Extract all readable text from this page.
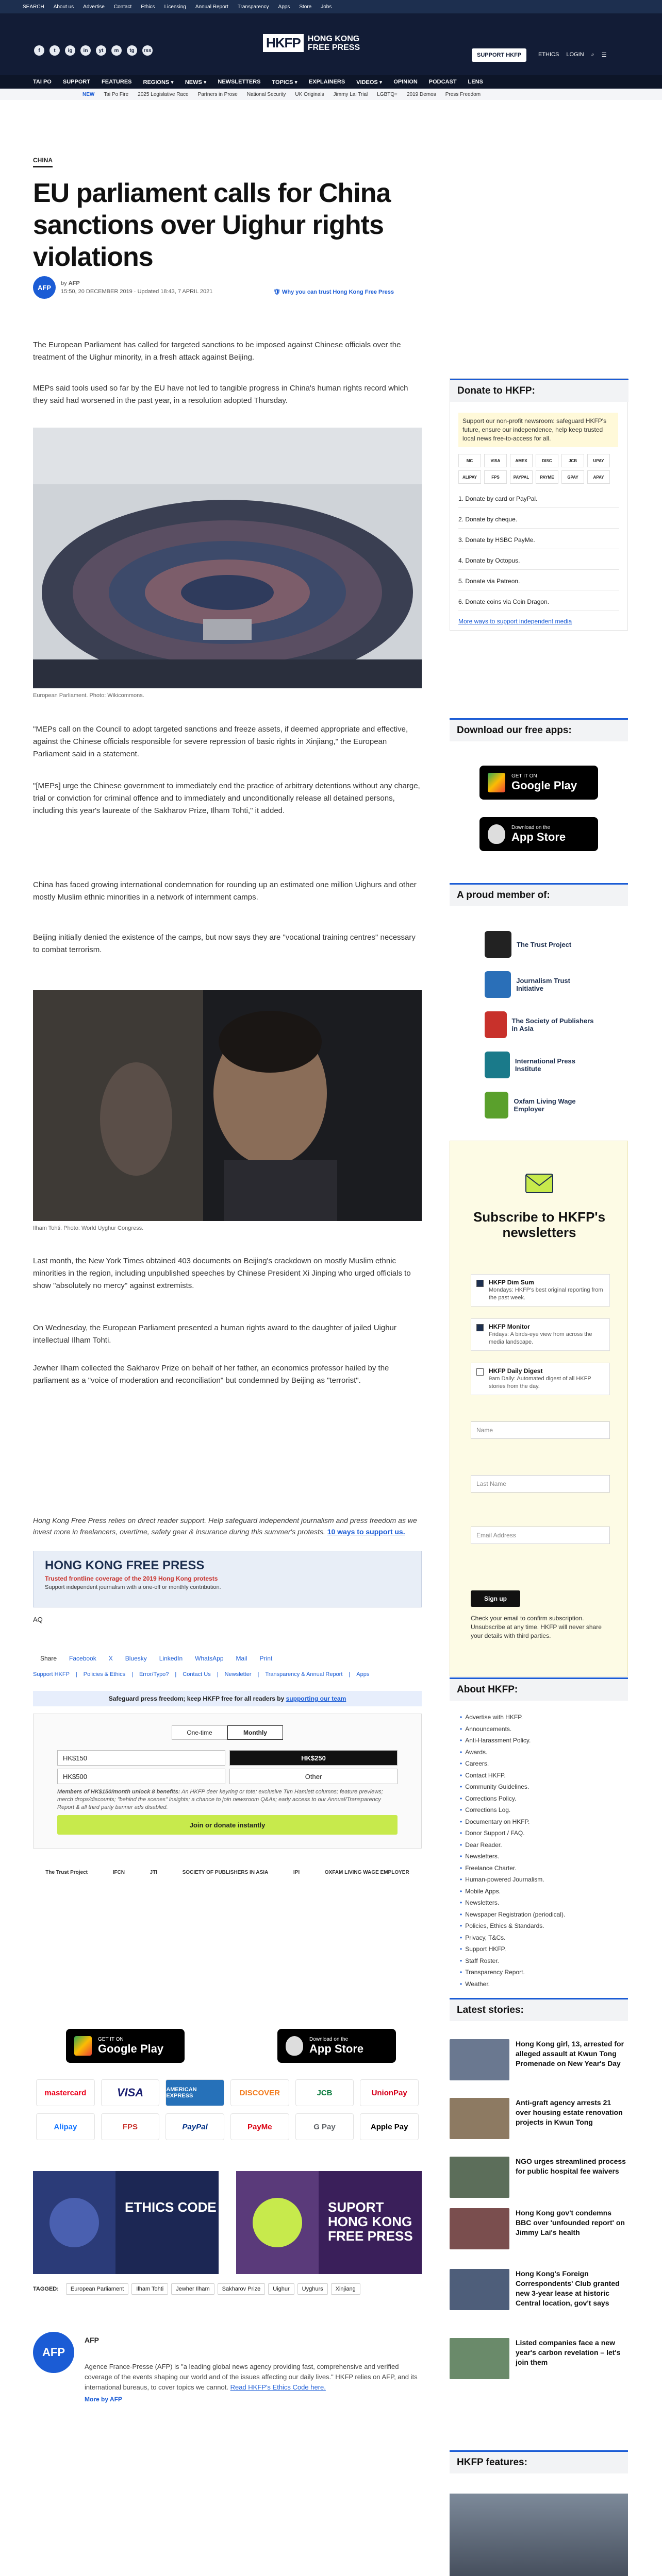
SEARCH About us Advertise Contact Ethics Licensing Annual Report Transparency Apps Store Jobs
f	t	ig	in	yt	m	tg	rss	HKFP HONG KONG FREE PRESS
SUPPORT HKFP	ETHICS LOGIN ⌕ ☰
TAI PO SUPPORT FEATURES REGIONS ▾ NEWS ▾ NEWSLETTERS TOPICS ▾ EXPLAINERS VIDEOS ▾ OPINION PODCAST LENS
NEW Tai Po Fire 2025 Legislative Race Partners in Prose National Security UK Originals Jimmy Lai Trial LGBTQ+ 2019 Demos Press Freedom
CHINA
EU parliament calls for China sanctions over Uighur rights violations
AFP
by AFP
15:50, 20 DECEMBER 2019 · Updated 18:43, 7 APRIL 2021	🛡 Why you can trust Hong Kong Free Press

The European Parliament has called for targeted sanctions to be imposed against Chinese officials over the treatment of the Uighur minority, in a fresh attack against Beijing.

MEPs said tools used so far by the EU have not led to tangible progress in China's human rights record which they said had worsened in the past year, in a resolution adopted Thursday.

European Parliament. Photo: Wikicommons.

"MEPs call on the Council to adopt targeted sanctions and freeze assets, if deemed appropriate and effective, against the Chinese officials responsible for severe repression of basic rights in Xinjiang," the European Parliament said in a statement.

"[MEPs] urge the Chinese government to immediately end the practice of arbitrary detentions without any charge, trial or conviction for criminal offence and to immediately and unconditionally release all detained persons, including this year's laureate of the Sakharov Prize, Ilham Tohti," it added.

China has faced growing international condemnation for rounding up an estimated one million Uighurs and other mostly Muslim ethnic minorities in a network of internment camps.

Beijing initially denied the existence of the camps, but now says they are "vocational training centres" necessary to combat terrorism.

Ilham Tohti. Photo: World Uyghur Congress.

Last month, the New York Times obtained 403 documents on Beijing's crackdown on mostly Muslim ethnic minorities in the region, including unpublished speeches by Chinese President Xi Jinping who urged officials to show "absolutely no mercy" against extremists.

On Wednesday, the European Parliament presented a human rights award to the daughter of jailed Uighur intellectual Ilham Tohti.

Jewher Ilham collected the Sakharov Prize on behalf of her father, an economics professor hailed by the parliament as a "voice of moderation and reconciliation" but condemned by Beijing as "terrorist".

Hong Kong Free Press relies on direct reader support. Help safeguard independent journalism and press freedom as we invest more in freelancers, overtime, safety gear & insurance during this summer's protests. 10 ways to support us.
HONG KONG FREE PRESS
Trusted frontline coverage of the 2019 Hong Kong protests
Support independent journalism with a one-off or monthly contribution.
AQ
Share Facebook X Bluesky LinkedIn WhatsApp Mail Print
Support HKFP | Policies & Ethics | Error/Typo? | Contact Us | Newsletter | Transparency & Annual Report | Apps
Safeguard press freedom; keep HKFP free for all readers by
supporting our team
One-time	Monthly
HK$150	HK$250
HK$500	Other
Members of HK$150/month unlock 8 benefits: An HKFP deer keyring or tote; exclusive Tim Hamlett columns; feature previews; merch drops/discounts; "behind the scenes" insights; a chance to join newsroom Q&As; early access to our Annual/Transparency Report & all third party banner ads disabled.
Join or donate instantly
The Trust Project	IFCN	JTI	SOCIETY OF PUBLISHERS IN ASIA	IPI	OXFAM LIVING WAGE EMPLOYER
GET IT ON
Google Play
Download on the
App Store
mastercard	VISA	AMERICAN EXPRESS	DISCOVER	JCB	UnionPay
Alipay	FPS	PayPal	PayMe	G Pay	Apple Pay
ETHICS CODE	SUPORT HONG KONG FREE PRESS
TAGGED:	European Parliament	Ilham Tohti	Jewher Ilham	Sakharov Prize	Uighur	Uyghurs	Xinjiang
AFP
AFP
Agence France-Presse (AFP) is "a leading global news agency providing fast, comprehensive and verified coverage of the events shaping our world and of the issues affecting our daily lives." HKFP relies on AFP, and its international bureaus, to cover topics we cannot. Read HKFP's Ethics Code here.
More by AFP
Donate to HKFP:
Support our non-profit newsroom: safeguard HKFP's future, ensure our independence, help keep trusted local news free-to-access for all.
MC	VISA	AMEX	DISC	JCB	UPAY
ALIPAY	FPS	PAYPAL	PAYME	GPAY	APAY
1. Donate by card or PayPal.
2. Donate by cheque.
3. Donate by HSBC PayMe.
4. Donate by Octopus.
5. Donate via Patreon.
6. Donate coins via Coin Dragon.
More ways to support independent media
Download our free apps:
GET IT ON
Google Play
Download on the
App Store
A proud member of:
The Trust Project
Journalism Trust Initiative
The Society of Publishers in Asia
International Press Institute
Oxfam Living Wage Employer
Subscribe to HKFP's newsletters
HKFP Dim Sum
Mondays: HKFP's best original reporting from the past week.
HKFP Monitor
Fridays: A birds-eye view from across the media landscape.
HKFP Daily Digest
9am Daily: Automated digest of all HKFP stories from the day.
Name
Last Name
Email Address
Sign up
Check your email to confirm subscription. Unsubscribe at any time. HKFP will never share your details with third parties.
About HKFP:
• Advertise with HKFP.
• Announcements.
• Anti-Harassment Policy.
• Awards.
• Careers.
• Contact HKFP.
• Community Guidelines.
• Corrections Policy.
• Corrections Log.
• Documentary on HKFP.
• Donor Support / FAQ.
• Dear Reader.
• Newsletters.
• Freelance Charter.
• Human-powered Journalism.
• Mobile Apps.
• Newsletters.
• Newspaper Registration (periodical).
• Policies, Ethics & Standards.
• Privacy, T&Cs.
• Support HKFP.
• Staff Roster.
• Transparency Report.
• Weather.
Latest stories:
Hong Kong girl, 13, arrested for alleged assault at Kwun Tong Promenade on New Year's Day
Anti-graft agency arrests 21 over housing estate renovation projects in Kwun Tong
NGO urges streamlined process for public hospital fee waivers
Hong Kong gov't condemns BBC over 'unfounded report' on Jimmy Lai's health
Hong Kong's Foreign Correspondents' Club granted new 3-year lease at historic Central location, gov't says
Listed companies face a new year's carbon revelation – let's join them
HKFP features:
